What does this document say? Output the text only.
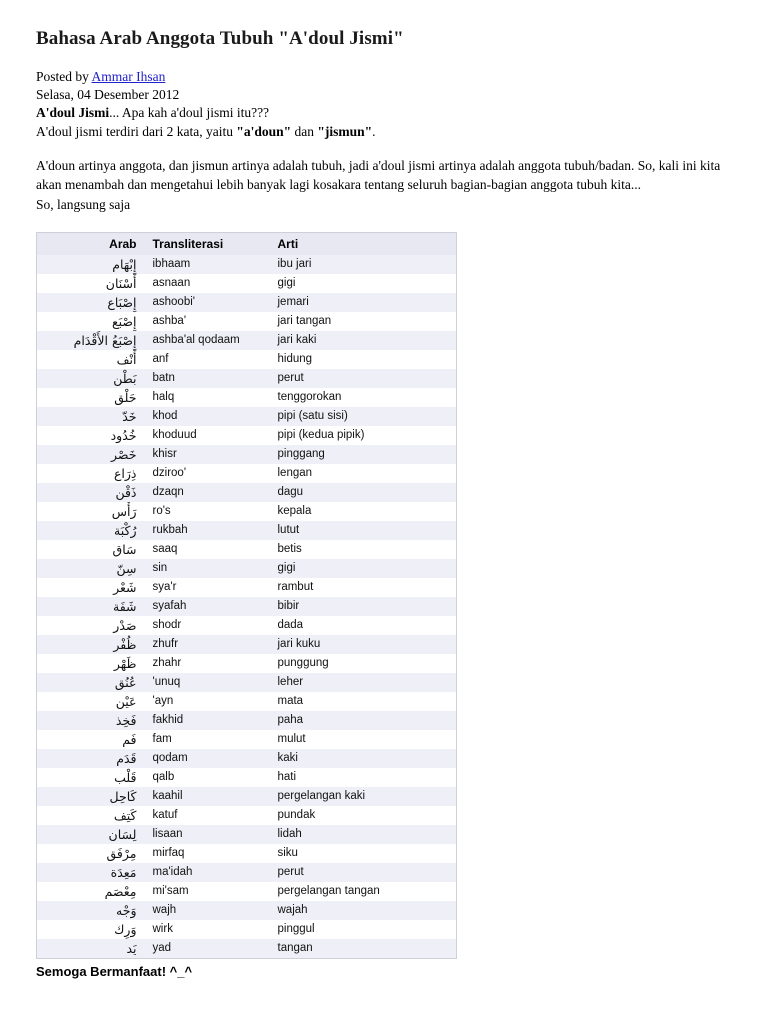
Bahasa Arab Anggota Tubuh "A'doul Jismi"

Posted by Ammar Ihsan

Selasa, 04 Desember 2012

A'doul Jismi... Apa kah a'doul jismi itu???

A'doul jismi terdiri dari 2 kata, yaitu "a'doun" dan "jismun".

A'doun artinya anggota, dan jismun artinya adalah tubuh, jadi a'doul jismi artinya adalah anggota tubuh/badan. So, kali ini kita akan menambah dan mengetahui lebih banyak lagi kosakara tentang seluruh bagian-bagian anggota tubuh kita...

So, langsung saja

Arab	Transliterasi	Arti
إِبْهَام	ibhaam	ibu jari
أَسْنَان	asnaan	gigi
إِصْبَاع	ashoobi'	jemari
إِصْبَع	ashba'	jari tangan
إِصْبَعُ الأَقْدَام	ashba'al qodaam	jari kaki
أَنْف	anf	hidung
بَطْن	batn	perut
حَلْق	halq	tenggorokan
خَدّ	khod	pipi (satu sisi)
خُدُود	khoduud	pipi (kedua pipik)
خَصْر	khisr	pinggang
ذِرَاع	dziroo'	lengan
ذَقْن	dzaqn	dagu
رَأْس	ro's	kepala
رُكْبَة	rukbah	lutut
سَاق	saaq	betis
سِنّ	sin	gigi
شَعْر	sya'r	rambut
شَفَة	syafah	bibir
صَدْر	shodr	dada
ظُفْر	zhufr	jari kuku
ظَهْر	zhahr	punggung
عُنُق	'unuq	leher
عَيْن	'ayn	mata
فَخِذ	fakhid	paha
فَم	fam	mulut
قَدَم	qodam	kaki
قَلْب	qalb	hati
كَاحِل	kaahil	pergelangan kaki
كَتِف	katuf	pundak
لِسَان	lisaan	lidah
مِرْفَق	mirfaq	siku
مَعِدَة	ma'idah	perut
مِعْصَم	mi'sam	pergelangan tangan
وَجْه	wajh	wajah
وَرِك	wirk	pinggul
يَد	yad	tangan
Semoga Bermanfaat! ^_^
